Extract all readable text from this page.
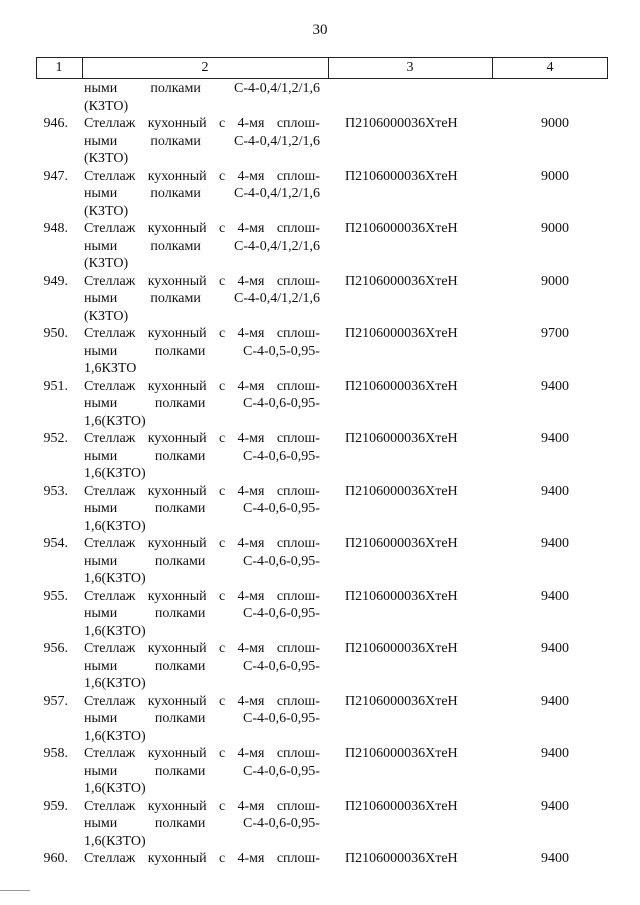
30
1	2	3	4
ными полками С-4-0,4/1,2/1,6
(КЗТО)
946. Стеллаж кухонный с 4-мя сплош-
ными полками С-4-0,4/1,2/1,6
(КЗТО)
П2106000036ХтеН	9000
947. Стеллаж кухонный с 4-мя сплош-
ными полками С-4-0,4/1,2/1,6
(КЗТО)
П2106000036ХтеН	9000
948. Стеллаж кухонный с 4-мя сплош-
ными полками С-4-0,4/1,2/1,6
(КЗТО)
П2106000036ХтеН	9000
949. Стеллаж кухонный с 4-мя сплош-
ными полками С-4-0,4/1,2/1,6
(КЗТО)
П2106000036ХтеН	9000
950. Стеллаж кухонный с 4-мя сплош-
ными	полками	С-4-0,5-0,95-
1,6КЗТО
П2106000036ХтеН	9700
951. Стеллаж кухонный с 4-мя сплош-
ными	полками	С-4-0,6-0,95-
1,6(КЗТО)
П2106000036ХтеН	9400
952. Стеллаж кухонный с 4-мя сплош-
ными	полками	С-4-0,6-0,95-
1,6(КЗТО)
П2106000036ХтеН	9400
953. Стеллаж кухонный с 4-мя сплош-
ными	полками	С-4-0,6-0,95-
1,6(КЗТО)
П2106000036ХтеН	9400
954. Стеллаж кухонный с 4-мя сплош-
ными	полками	С-4-0,6-0,95-
1,6(КЗТО)
П2106000036ХтеН	9400
955. Стеллаж кухонный с 4-мя сплош-
ными	полками	С-4-0,6-0,95-
1,6(КЗТО)
П2106000036ХтеН	9400
956. Стеллаж кухонный с 4-мя сплош-
ными	полками	С-4-0,6-0,95-
1,6(КЗТО)
П2106000036ХтеН	9400
957. Стеллаж кухонный с 4-мя сплош-
ными	полками	С-4-0,6-0,95-
1,6(КЗТО)
П2106000036ХтеН	9400
958. Стеллаж кухонный с 4-мя сплош-
ными	полками	С-4-0,6-0,95-
1,6(КЗТО)
П2106000036ХтеН	9400
959. Стеллаж кухонный с 4-мя сплош-
ными	полками	С-4-0,6-0,95-
1,6(КЗТО)
П2106000036ХтеН	9400
960. Стеллаж кухонный с 4-мя сплош- П2106000036ХтеН	9400
